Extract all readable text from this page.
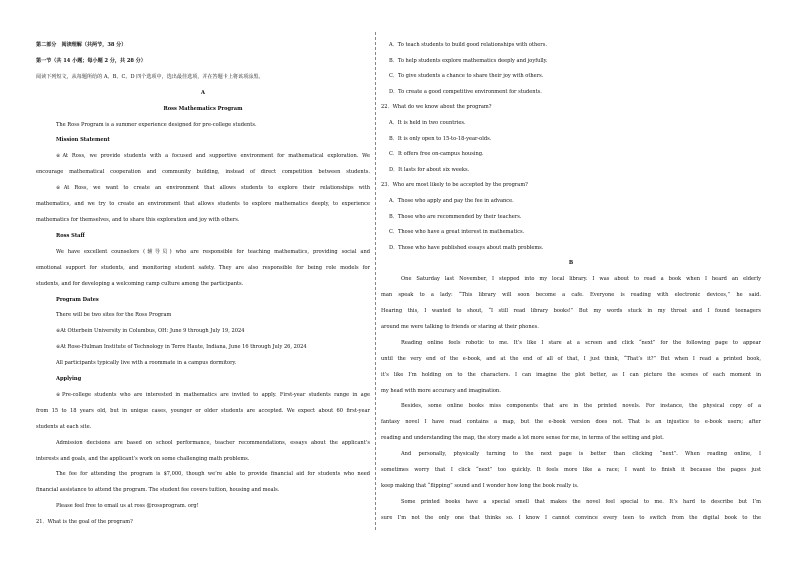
第二部分　阅读理解（共两节，38 分）
第一节（共 14 小题；每小题 2 分，共 28 分）
阅读下列短文，从每题所给的 A、B、C、D 四个选项中，选出最佳选项，并在答题卡上将该项涂黑。
A
Ross Mathematics Program
The Ross Program is a summer experience designed for pre-college students.
Mission Statement
※At Ross, we provide students with a focused and supportive environment for mathematical exploration. We
encourage mathematical cooperation and community building, instead of direct competition between students.
※At Ross, we want to create an environment that allows students to explore their relationships with
mathematics, and we try to create an environment that allows students to explore mathematics deeply, to experience
mathematics for themselves, and to share this exploration and joy with others.
Ross Staff
We have excellent counselors (辅导员) who are responsible for teaching mathematics, providing social and
emotional support for students, and monitoring student safety. They are also responsible for being role models for
students, and for developing a welcoming camp culture among the participants.
Program Dates
There will be two sites for the Ross Program
※At Otterbein University in Columbus, OH: June 9 through July 19, 2024
※At Rose-Hulman Institute of Technology in Terre Haute, Indiana, June 16 through July 26, 2024
All participants typically live with a roommate in a campus dormitory.
Applying
※Pre-college students who are interested in mathematics are invited to apply. First-year students range in age
from 15 to 18 years old, but in unique cases, younger or older students are accepted. We expect about 60 first-year
students at each site.
Admission decisions are based on school performance, teacher recommendations, essays about the applicant’s
interests and goals, and the applicant’s work on some challenging math problems.
The fee for attending the program is $7,000, though we’re able to provide financial aid for students who need
financial assistance to attend the program. The student fee covers tuition, housing and meals.
Please feel free to email us at ross @rossprogram. org!
21．What is the goal of the program?
A．To teach students to build good relationships with others.
B．To help students explore mathematics deeply and joyfully.
C．To give students a chance to share their joy with others.
D．To create a good competitive environment for students.
22．What do we know about the program?
A．It is held in two countries.
B．It is only open to 15-to-18-year-olds.
C．It offers free on-campus housing.
D．It lasts for about six weeks.
23．Who are most likely to be accepted by the program?
A．Those who apply and pay the fee in advance.
B．Those who are recommended by their teachers.
C．Those who have a great interest in mathematics.
D．Those who have published essays about math problems.
B
One Saturday last November, I stepped into my local library. I was about to read a book when I heard an elderly
man speak to a lady: “This library will soon become a cafe. Everyone is reading with electronic devices,” he said.
Hearing this, I wanted to shout, “I still read library books!” But my words stuck in my throat and I found teenagers
around me were talking to friends or staring at their phones.
Reading online feels robotic to me. It’s like I stare at a screen and click “next” for the following page to appear
until the very end of the e-book, and at the end of all of that, I just think, “That’s it?” But when I read a printed book,
it’s like I’m holding on to the characters. I can imagine the plot better, as I can picture the scenes of each moment in
my head with more accuracy and imagination.
Besides, some online books miss components that are in the printed novels. For instance, the physical copy of a
fantasy novel I have read contains a map, but the e-book version does not. That is an injustice to e-book users; after
reading and understanding the map, the story made a lot more sense for me, in terms of the setting and plot.
And personally, physically turning to the next page is better than clicking “next”. When reading online, I
sometimes worry that I click “next” too quickly. It feels more like a race; I want to finish it because the pages just
keep making that “flipping” sound and I wonder how long the book really is.
Some printed books have a special smell that makes the novel feel special to me. It’s hard to describe but I’m
sure I’m not the only one that thinks so. I know I cannot convince every teen to switch from the digital book to the
